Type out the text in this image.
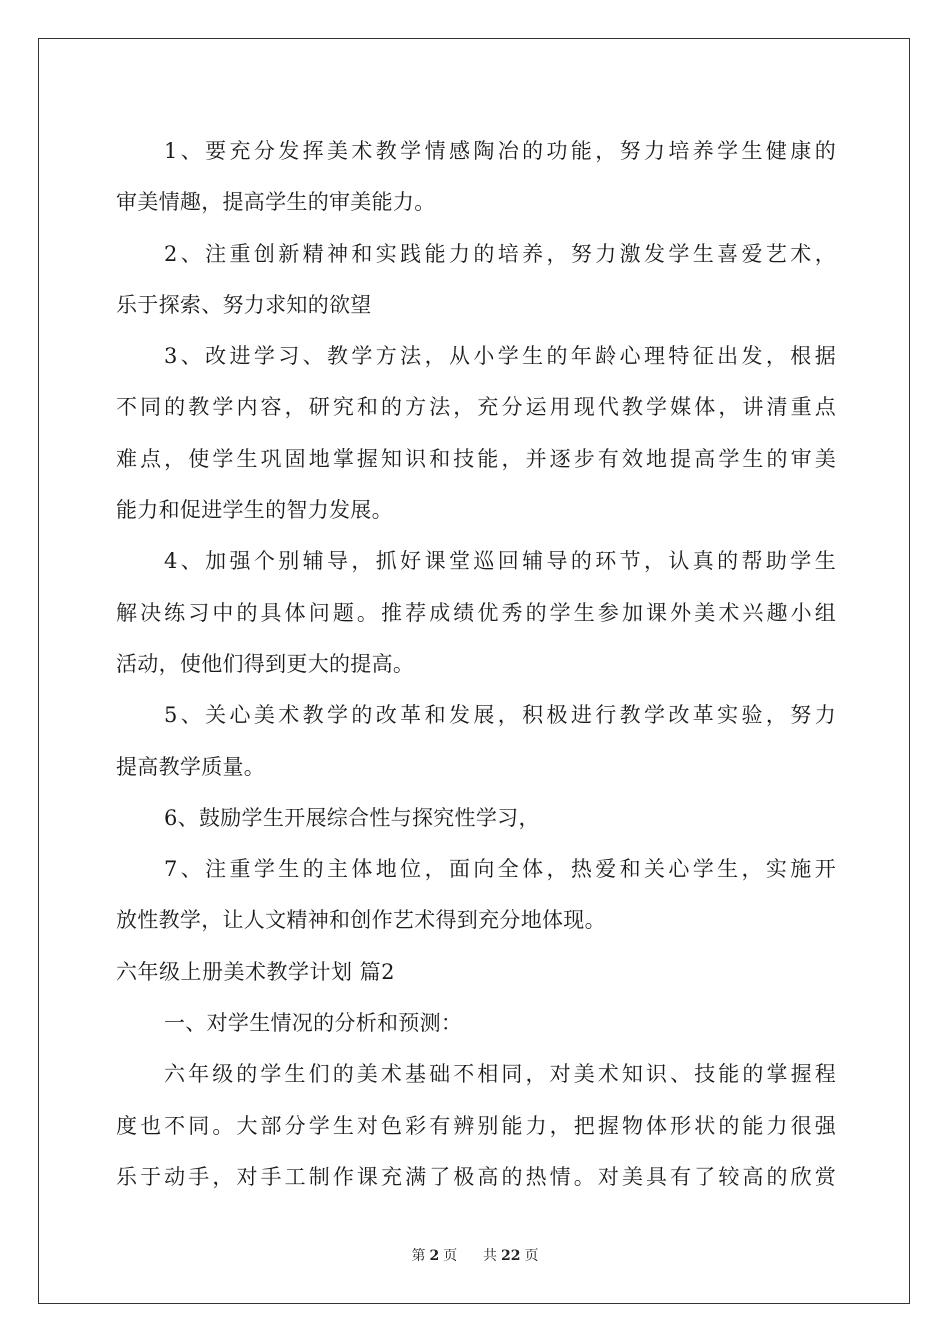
1、要充分发挥美术教学情感陶冶的功能，努力培养学生健康的
审美情趣，提高学生的审美能力。
2、注重创新精神和实践能力的培养，努力激发学生喜爱艺术，
乐于探索、努力求知的欲望
3、改进学习、教学方法，从小学生的年龄心理特征出发，根据
不同的教学内容，研究和的方法，充分运用现代教学媒体，讲清重点
难点，使学生巩固地掌握知识和技能，并逐步有效地提高学生的审美
能力和促进学生的智力发展。
4、加强个别辅导，抓好课堂巡回辅导的环节，认真的帮助学生
解决练习中的具体问题。推荐成绩优秀的学生参加课外美术兴趣小组
活动，使他们得到更大的提高。
5、关心美术教学的改革和发展，积极进行教学改革实验，努力
提高教学质量。
6、鼓励学生开展综合性与探究性学习，
7、注重学生的主体地位，面向全体，热爱和关心学生，实施开
放性教学，让人文精神和创作艺术得到充分地体现。
六年级上册美术教学计划 篇2
一、对学生情况的分析和预测：
六年级的学生们的美术基础不相同，对美术知识、技能的掌握程
度也不同。大部分学生对色彩有辨别能力，把握物体形状的能力很强
乐于动手，对手工制作课充满了极高的热情。对美具有了较高的欣赏
第 2 页 共 22 页
